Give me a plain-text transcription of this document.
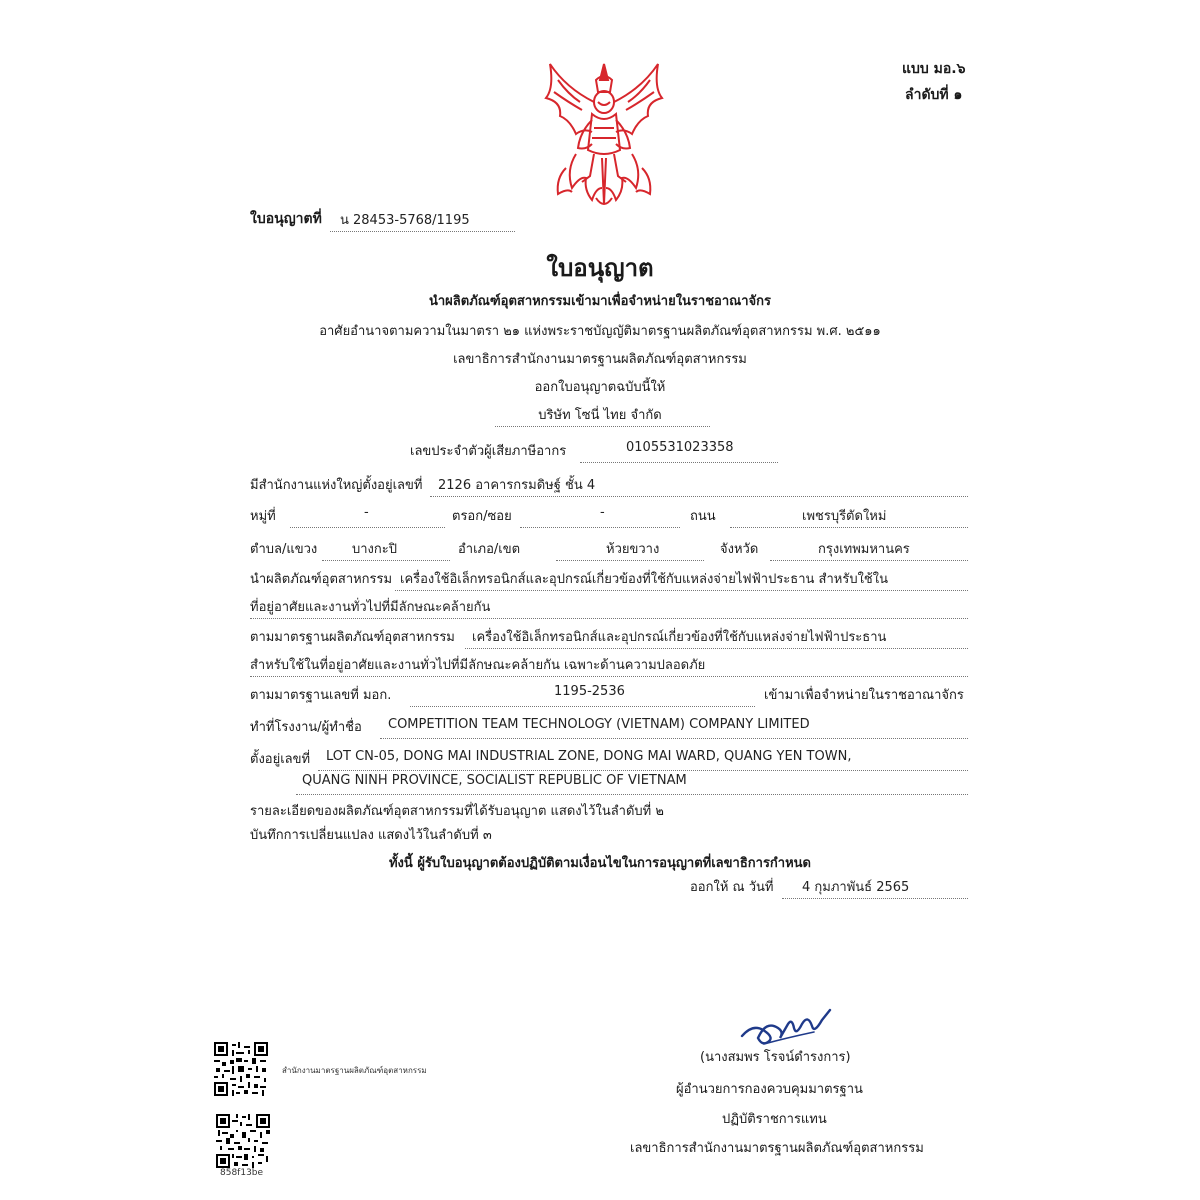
แบบ มอ.๖
ลำดับที่ ๑
ใบอนุญาตที่ น 28453-5768/1195
ใบอนุญาต
นำผลิตภัณฑ์อุตสาหกรรมเข้ามาเพื่อจำหน่ายในราชอาณาจักร
อาศัยอำนาจตามความในมาตรา ๒๑ แห่งพระราชบัญญัติมาตรฐานผลิตภัณฑ์อุตสาหกรรม พ.ศ. ๒๕๑๑
เลขาธิการสำนักงานมาตรฐานผลิตภัณฑ์อุตสาหกรรม
ออกใบอนุญาตฉบับนี้ให้
บริษัท โซนี่ ไทย จำกัด
เลขประจำตัวผู้เสียภาษีอากร	0105531023358
มีสำนักงานแห่งใหญ่ตั้งอยู่เลขที่ 2126 อาคารกรมดิษฐ์ ชั้น 4
หมู่ที่	-	ตรอก/ซอย	-	ถนน	เพชรบุรีตัดใหม่
ตำบล/แขวง	บางกะปิ	อำเภอ/เขต	ห้วยขวาง	จังหวัด	กรุงเทพมหานคร
นำผลิตภัณฑ์อุตสาหกรรม เครื่องใช้อิเล็กทรอนิกส์และอุปกรณ์เกี่ยวข้องที่ใช้กับแหล่งจ่ายไฟฟ้าประธาน สำหรับใช้ใน
ที่อยู่อาศัยและงานทั่วไปที่มีลักษณะคล้ายกัน
ตามมาตรฐานผลิตภัณฑ์อุตสาหกรรม เครื่องใช้อิเล็กทรอนิกส์และอุปกรณ์เกี่ยวข้องที่ใช้กับแหล่งจ่ายไฟฟ้าประธาน
สำหรับใช้ในที่อยู่อาศัยและงานทั่วไปที่มีลักษณะคล้ายกัน เฉพาะด้านความปลอดภัย
ตามมาตรฐานเลขที่ มอก.	1195-2536	เข้ามาเพื่อจำหน่ายในราชอาณาจักร
ทำที่โรงงาน/ผู้ทำชื่อ COMPETITION TEAM TECHNOLOGY (VIETNAM) COMPANY LIMITED
ตั้งอยู่เลขที่ LOT CN-05, DONG MAI INDUSTRIAL ZONE, DONG MAI WARD, QUANG YEN TOWN,
QUANG NINH PROVINCE, SOCIALIST REPUBLIC OF VIETNAM
รายละเอียดของผลิตภัณฑ์อุตสาหกรรมที่ได้รับอนุญาต แสดงไว้ในลำดับที่ ๒
บันทึกการเปลี่ยนแปลง แสดงไว้ในลำดับที่ ๓
ทั้งนี้ ผู้รับใบอนุญาตต้องปฏิบัติตามเงื่อนไขในการอนุญาตที่เลขาธิการกำหนด
ออกให้ ณ วันที่ 4 กุมภาพันธ์ 2565
(นางสมพร โรจน์ดำรงการ)
ผู้อำนวยการกองควบคุมมาตรฐาน
ปฏิบัติราชการแทน
เลขาธิการสำนักงานมาตรฐานผลิตภัณฑ์อุตสาหกรรม
สำนักงานมาตรฐานผลิตภัณฑ์อุตสาหกรรม
858f13be
